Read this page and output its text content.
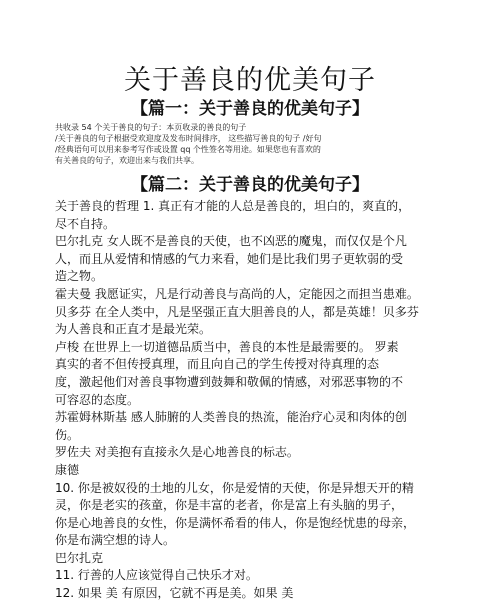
关于善良的优美句子
【篇一：关于善良的优美句子】
共收录 54 个关于善良的句子：本页收录的善良的句子
/关于善良的句子根据受欢迎度及发布时间排序， 这些描写善良的句子 /好句
/经典语句可以用来参考写作或设置 qq 个性签名等用途。如果您也有喜欢的
有关善良的句子，欢迎出来与我们共享。
【篇二：关于善良的优美句子】
关于善良的哲理 1. 真正有才能的人总是善良的，坦白的，爽直的，
尽不自持。
巴尔扎克 女人既不是善良的天使，也不凶恶的魔鬼，而仅仅是个凡
人，而且从爱情和情感的气力来看，她们是比我们男子更软弱的受
造之物。
霍夫曼 我愿证实，凡是行动善良与高尚的人，定能因之而担当患难。
贝多芬 在全人类中，凡是坚强正直大胆善良的人，都是英雄！贝多芬
为人善良和正直才是最光荣。
卢梭 在世界上一切道德品质当中，善良的本性是最需要的。 罗素
真实的者不但传授真理，而且向自己的学生传授对待真理的态
度，激起他们对善良事物遭到鼓舞和敬佩的情感，对邪恶事物的不
可容忍的态度。
苏霍姆林斯基 感人肺腑的人类善良的热流，能治疗心灵和肉体的创
伤。
罗佐夫 对美抱有直接永久是心地善良的标志。
康德
10. 你是被奴役的土地的儿女，你是爱情的天使，你是异想天开的精
灵，你是老实的孩童，你是丰富的老者，你是富上有头脑的男子，
你是心地善良的女性，你是满怀希看的伟人，你是饱经忧患的母亲，
你是布满空想的诗人。
巴尔扎克
11. 行善的人应该觉得自己快乐才对。
12. 如果 美 有原因，它就不再是美。如果 美
